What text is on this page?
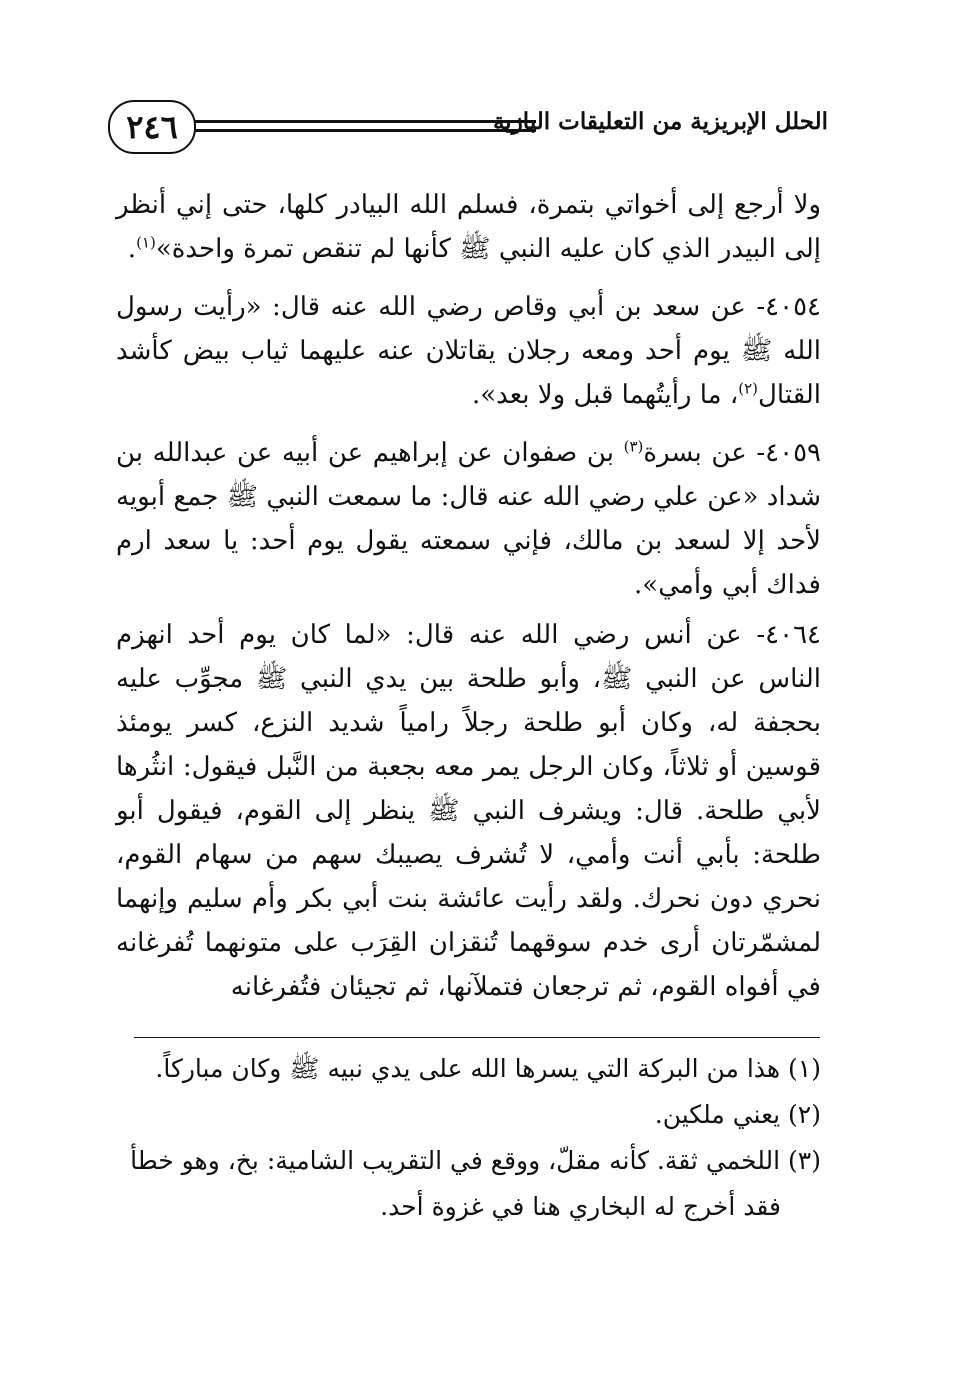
٢٤٦	الحلل الإبريزية من التعليقات البازية

ولا أرجع إلى أخواتي بتمرة، فسلم الله البيادر كلها، حتى إني أنظر إلى البيدر الذي كان عليه النبي ﷺ كأنها لم تنقص تمرة واحدة»$^{(١)}$.

٤٠٥٤- عن سعد بن أبي وقاص رضي الله عنه قال: «رأيت رسول الله ﷺ يوم أحد ومعه رجلان يقاتلان عنه عليهما ثياب بيض كأشد القتال$^{(٢)}$، ما رأيتُهما قبل ولا بعد».

٤٠٥٩- عن بسرة$^{(٣)}$ بن صفوان عن إبراهيم عن أبيه عن عبدالله بن شداد «عن علي رضي الله عنه قال: ما سمعت النبي ﷺ جمع أبويه لأحد إلا لسعد بن مالك، فإني سمعته يقول يوم أحد: يا سعد ارم فداك أبي وأمي».

٤٠٦٤- عن أنس رضي الله عنه قال: «لما كان يوم أحد انهزم الناس عن النبي ﷺ، وأبو طلحة بين يدي النبي ﷺ مجوِّب عليه بحجفة له، وكان أبو طلحة رجلاً رامياً شديد النزع، كسر يومئذ قوسين أو ثلاثاً، وكان الرجل يمر معه بجعبة من النَّبل فيقول: انثُرها لأبي طلحة. قال: ويشرف النبي ﷺ ينظر إلى القوم، فيقول أبو طلحة: بأبي أنت وأمي، لا تُشرف يصيبك سهم من سهام القوم، نحري دون نحرك. ولقد رأيت عائشة بنت أبي بكر وأم سليم وإنهما لمشمّرتان أرى خدم سوقهما تُنقزان القِرَب على متونهما تُفرغانه في أفواه القوم، ثم ترجعان فتملآنها، ثم تجيئان فتُفرغانه

(١) هذا من البركة التي يسرها الله على يدي نبيه ﷺ وكان مباركاً.

(٢) يعني ملكين.

(٣) اللخمي ثقة. كأنه مقلّ، ووقع في التقريب الشامية: بخ، وهو خطأ
فقد أخرج له البخاري هنا في غزوة أحد.
